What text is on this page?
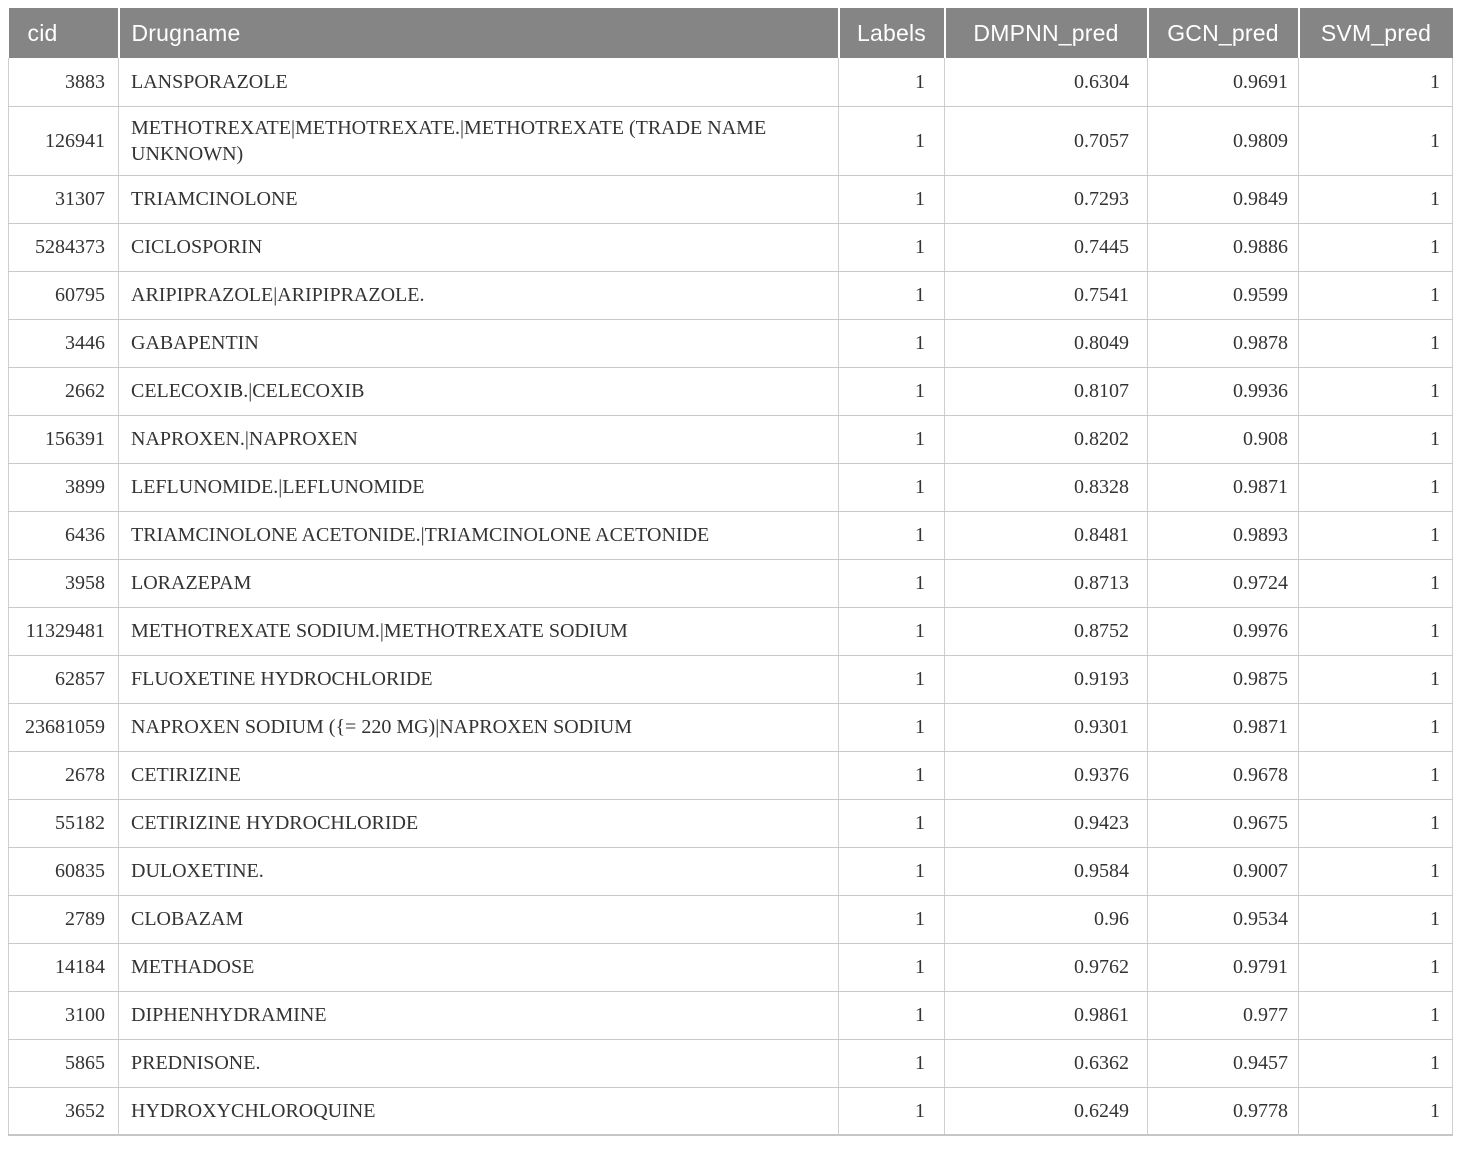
cid	Drugname	Labels	DMPNN_pred	GCN_pred	SVM_pred
3883	LANSPORAZOLE	1	0.6304	0.9691	1
126941	METHOTREXATE|METHOTREXATE.|METHOTREXATE (TRADE NAME UNKNOWN)	1	0.7057	0.9809	1
31307	TRIAMCINOLONE	1	0.7293	0.9849	1
5284373	CICLOSPORIN	1	0.7445	0.9886	1
60795	ARIPIPRAZOLE|ARIPIPRAZOLE.	1	0.7541	0.9599	1
3446	GABAPENTIN	1	0.8049	0.9878	1
2662	CELECOXIB.|CELECOXIB	1	0.8107	0.9936	1
156391	NAPROXEN.|NAPROXEN	1	0.8202	0.908	1
3899	LEFLUNOMIDE.|LEFLUNOMIDE	1	0.8328	0.9871	1
6436	TRIAMCINOLONE ACETONIDE.|TRIAMCINOLONE ACETONIDE	1	0.8481	0.9893	1
3958	LORAZEPAM	1	0.8713	0.9724	1
11329481	METHOTREXATE SODIUM.|METHOTREXATE SODIUM	1	0.8752	0.9976	1
62857	FLUOXETINE HYDROCHLORIDE	1	0.9193	0.9875	1
23681059	NAPROXEN SODIUM ({= 220 MG)|NAPROXEN SODIUM	1	0.9301	0.9871	1
2678	CETIRIZINE	1	0.9376	0.9678	1
55182	CETIRIZINE HYDROCHLORIDE	1	0.9423	0.9675	1
60835	DULOXETINE.	1	0.9584	0.9007	1
2789	CLOBAZAM	1	0.96	0.9534	1
14184	METHADOSE	1	0.9762	0.9791	1
3100	DIPHENHYDRAMINE	1	0.9861	0.977	1
5865	PREDNISONE.	1	0.6362	0.9457	1
3652	HYDROXYCHLOROQUINE	1	0.6249	0.9778	1
